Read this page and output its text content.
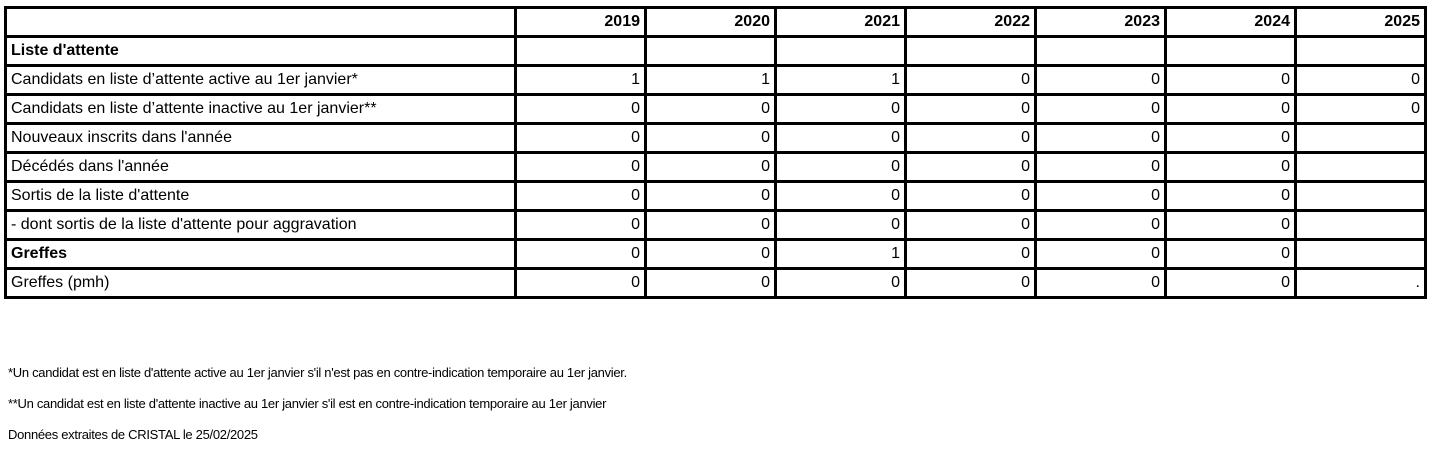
	2019	2020	2021	2022	2023	2024	2025
Liste d'attente							
Candidats en liste d’attente active au 1er janvier*	1	1	1	0	0	0	0
Candidats en liste d’attente inactive au 1er janvier**	0	0	0	0	0	0	0
Nouveaux inscrits dans l'année	0	0	0	0	0	0	
Décédés dans l'année	0	0	0	0	0	0	
Sortis de la liste d'attente	0	0	0	0	0	0	
- dont sortis de la liste d'attente pour aggravation	0	0	0	0	0	0	
Greffes	0	0	1	0	0	0	
Greffes (pmh)	0	0	0	0	0	0	.
*Un candidat est en liste d'attente active au 1er janvier s'il n'est pas en contre-indication temporaire au 1er janvier.
**Un candidat est en liste d'attente inactive au 1er janvier s'il est en contre-indication temporaire au 1er janvier
Données extraites de CRISTAL le 25/02/2025
